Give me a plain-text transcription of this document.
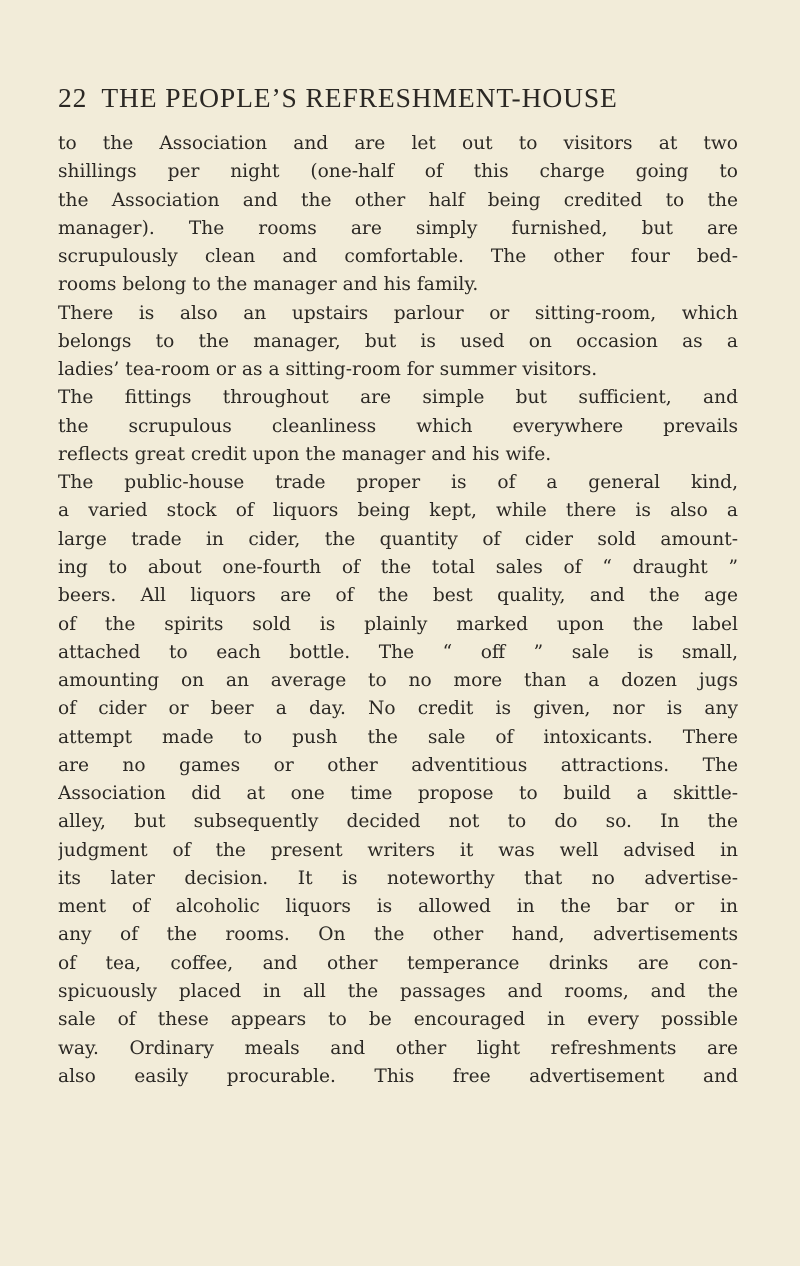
22 THE PEOPLE’S REFRESHMENT-HOUSE
to the Association and are let out to visitors at two
shillings per night (one-half of this charge going to
the Association and the other half being credited to the
manager). The rooms are simply furnished, but are
scrupulously clean and comfortable. The other four bed-
rooms belong to the manager and his family.
There is also an upstairs parlour or sitting-room, which
belongs to the manager, but is used on occasion as a
ladies’ tea-room or as a sitting-room for summer visitors.
The fittings throughout are simple but sufficient, and
the scrupulous cleanliness which everywhere prevails
reflects great credit upon the manager and his wife.
The public-house trade proper is of a general kind,
a varied stock of liquors being kept, while there is also a
large trade in cider, the quantity of cider sold amount-
ing to about one-fourth of the total sales of “ draught ”
beers. All liquors are of the best quality, and the age
of the spirits sold is plainly marked upon the label
attached to each bottle. The “ off ” sale is small,
amounting on an average to no more than a dozen jugs
of cider or beer a day. No credit is given, nor is any
attempt made to push the sale of intoxicants. There
are no games or other adventitious attractions. The
Association did at one time propose to build a skittle-
alley, but subsequently decided not to do so. In the
judgment of the present writers it was well advised in
its later decision. It is noteworthy that no advertise-
ment of alcoholic liquors is allowed in the bar or in
any of the rooms. On the other hand, advertisements
of tea, coffee, and other temperance drinks are con-
spicuously placed in all the passages and rooms, and the
sale of these appears to be encouraged in every possible
way. Ordinary meals and other light refreshments are
also easily procurable. This free advertisement and
